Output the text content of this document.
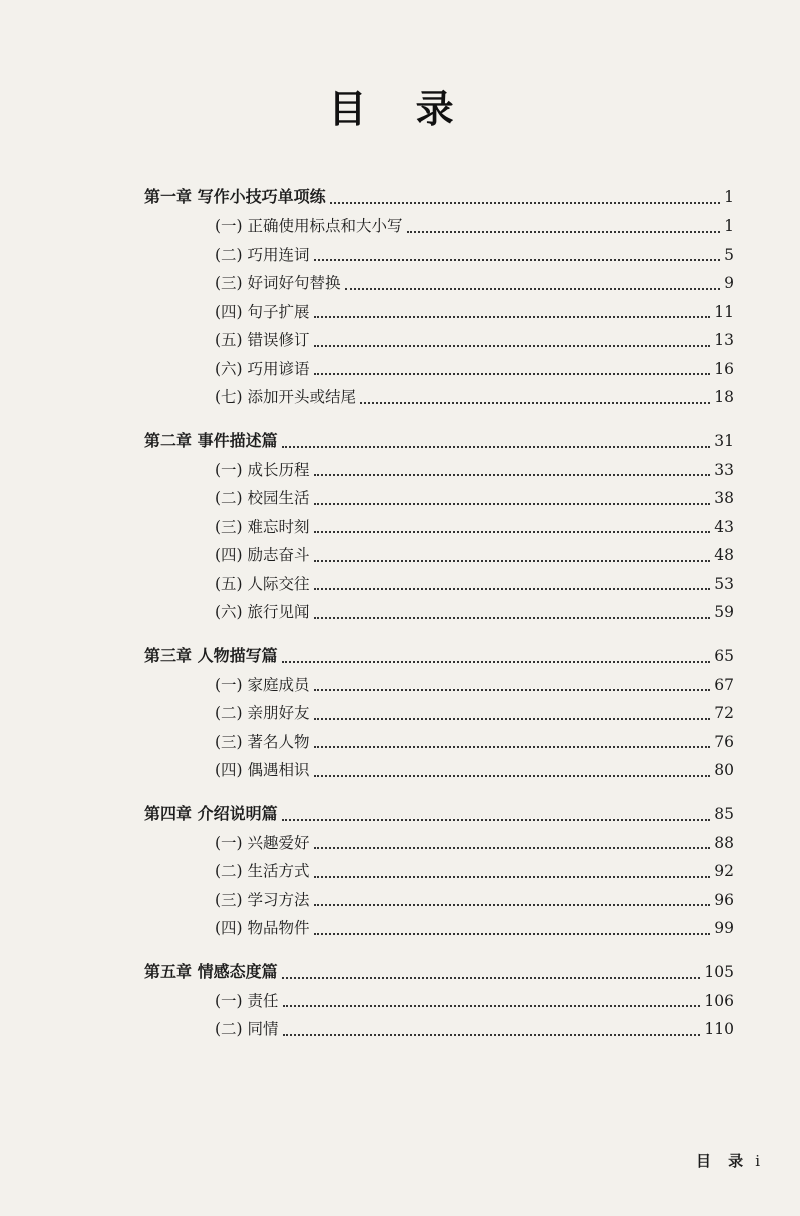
目 录
第一章 写作小技巧单项练	1
(一) 正确使用标点和大小写	1
(二) 巧用连词	5
(三) 好词好句替换	9
(四) 句子扩展	11
(五) 错误修订	13
(六) 巧用谚语	16
(七) 添加开头或结尾	18
第二章 事件描述篇	31
(一) 成长历程	33
(二) 校园生活	38
(三) 难忘时刻	43
(四) 励志奋斗	48
(五) 人际交往	53
(六) 旅行见闻	59
第三章 人物描写篇	65
(一) 家庭成员	67
(二) 亲朋好友	72
(三) 著名人物	76
(四) 偶遇相识	80
第四章 介绍说明篇	85
(一) 兴趣爱好	88
(二) 生活方式	92
(三) 学习方法	96
(四) 物品物件	99
第五章 情感态度篇	105
(一) 责任	106
(二) 同情	110
目 录 i
